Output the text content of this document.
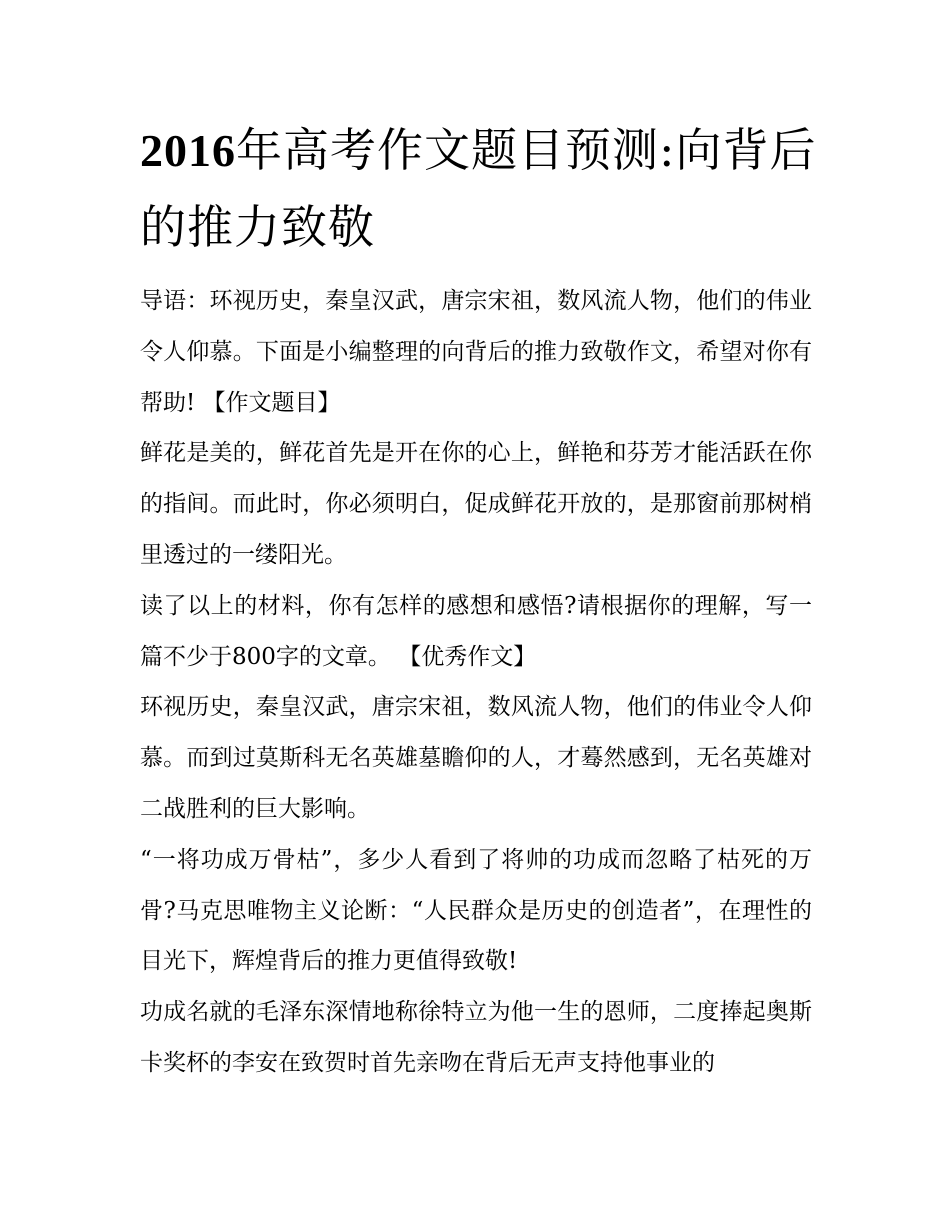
2016年高考作文题目预测:向背后的推力致敬

导语：环视历史，秦皇汉武，唐宗宋祖，数风流人物，他们的伟业令人仰慕。下面是小编整理的向背后的推力致敬作文，希望对你有帮助! 【作文题目】

鲜花是美的，鲜花首先是开在你的心上，鲜艳和芬芳才能活跃在你的指间。而此时，你必须明白，促成鲜花开放的，是那窗前那树梢里透过的一缕阳光。

读了以上的材料，你有怎样的感想和感悟?请根据你的理解，写一篇不少于800字的文章。 【优秀作文】

环视历史，秦皇汉武，唐宗宋祖，数风流人物，他们的伟业令人仰慕。而到过莫斯科无名英雄墓瞻仰的人，才蓦然感到，无名英雄对二战胜利的巨大影响。

“一将功成万骨枯”，多少人看到了将帅的功成而忽略了枯死的万骨?马克思唯物主义论断：“人民群众是历史的创造者”，在理性的目光下，辉煌背后的推力更值得致敬!

功成名就的毛泽东深情地称徐特立为他一生的恩师，二度捧起奥斯卡奖杯的李安在致贺时首先亲吻在背后无声支持他事业的
